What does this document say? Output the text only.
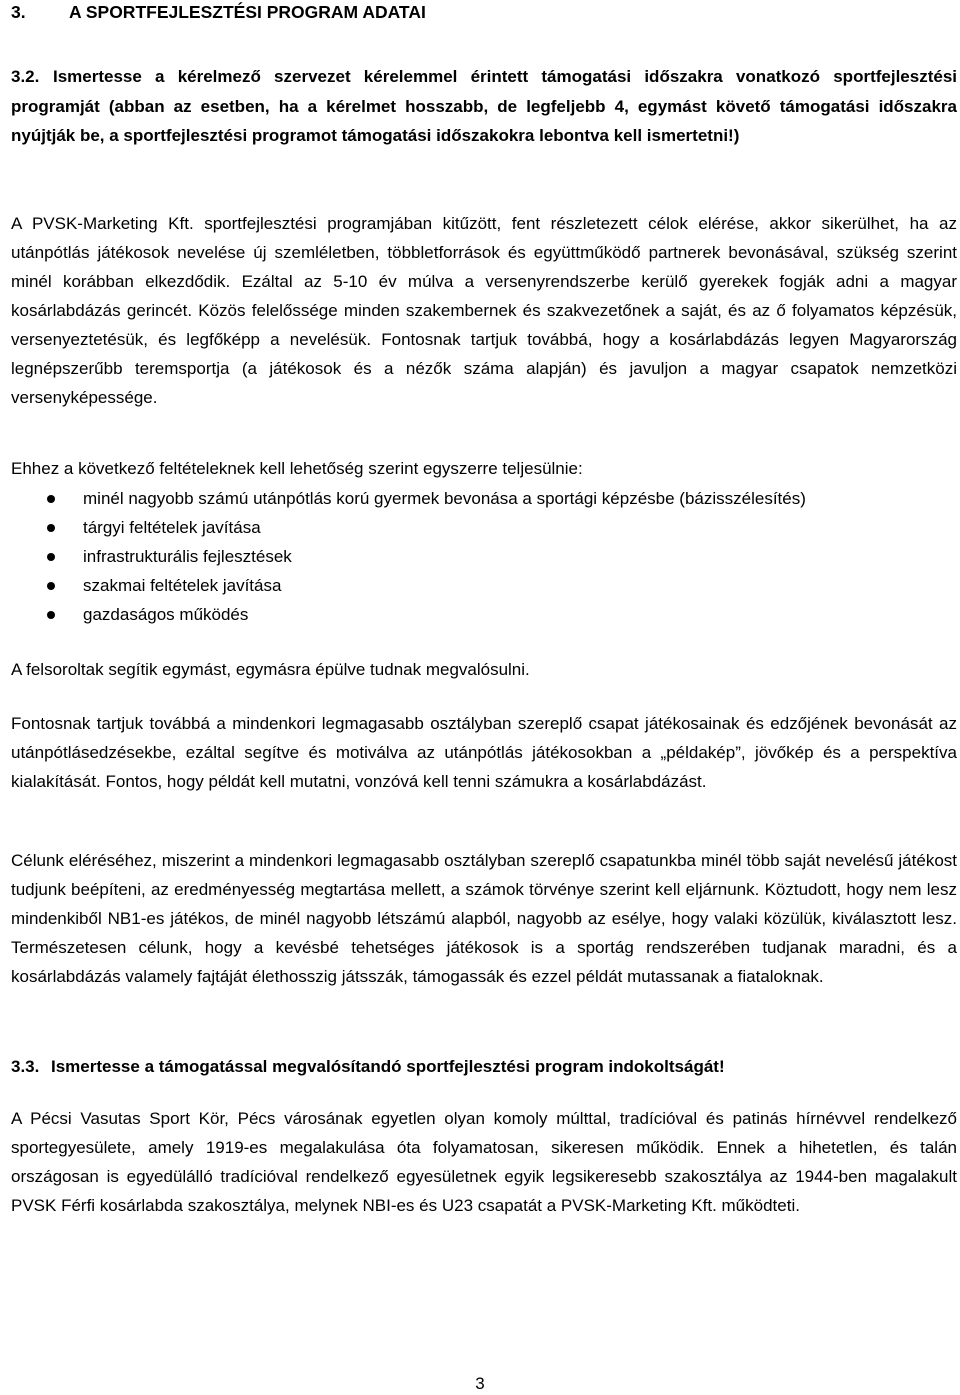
3. A SPORTFEJLESZTÉSI PROGRAM ADATAI
3.2. Ismertesse a kérelmező szervezet kérelemmel érintett támogatási időszakra vonatkozó sportfejlesztési programját (abban az esetben, ha a kérelmet hosszabb, de legfeljebb 4, egymást követő támogatási időszakra nyújtják be, a sportfejlesztési programot támogatási időszakokra lebontva kell ismertetni!)
A PVSK-Marketing Kft. sportfejlesztési programjában kitűzött, fent részletezett célok elérése, akkor sikerülhet, ha az utánpótlás játékosok nevelése új szemléletben, többletforrások és együttműködő partnerek bevonásával, szükség szerint minél korábban elkezdődik. Ezáltal az 5-10 év múlva a versenyrendszerbe kerülő gyerekek fogják adni a magyar kosárlabdázás gerincét. Közös felelőssége minden szakembernek és szakvezetőnek a saját, és az ő folyamatos képzésük, versenyeztetésük, és legfőképp a nevelésük. Fontosnak tartjuk továbbá, hogy a kosárlabdázás legyen Magyarország legnépszerűbb teremsportja (a játékosok és a nézők száma alapján) és javuljon a magyar csapatok nemzetközi versenyképessége.
Ehhez a következő feltételeknek kell lehetőség szerint egyszerre teljesülnie:
minél nagyobb számú utánpótlás korú gyermek bevonása a sportági képzésbe (bázisszélesítés)
tárgyi feltételek javítása
infrastrukturális fejlesztések
szakmai feltételek javítása
gazdaságos működés
A felsoroltak segítik egymást, egymásra épülve tudnak megvalósulni.
Fontosnak tartjuk továbbá a mindenkori legmagasabb osztályban szereplő csapat játékosainak és edzőjének bevonását az utánpótlásedzésekbe, ezáltal segítve és motiválva az utánpótlás játékosokban a „példakép”, jövőkép és a perspektíva kialakítását. Fontos, hogy példát kell mutatni, vonzóvá kell tenni számukra a kosárlabdázást.
Célunk eléréséhez, miszerint a mindenkori legmagasabb osztályban szereplő csapatunkba minél több saját nevelésű játékost tudjunk beépíteni, az eredményesség megtartása mellett, a számok törvénye szerint kell eljárnunk. Köztudott, hogy nem lesz mindenkiből NB1-es játékos, de minél nagyobb létszámú alapból, nagyobb az esélye, hogy valaki közülük, kiválasztott lesz. Természetesen célunk, hogy a kevésbé tehetséges játékosok is a sportág rendszerében tudjanak maradni, és a kosárlabdázás valamely fajtáját élethosszig játsszák, támogassák és ezzel példát mutassanak a fiataloknak.
3.3. Ismertesse a támogatással megvalósítandó sportfejlesztési program indokoltságát!
A Pécsi Vasutas Sport Kör, Pécs városának egyetlen olyan komoly múlttal, tradícióval és patinás hírnévvel rendelkező sportegyesülete, amely 1919-es megalakulása óta folyamatosan, sikeresen működik. Ennek a hihetetlen, és talán országosan is egyedülálló tradícióval rendelkező egyesületnek egyik legsikeresebb szakosztálya az 1944-ben magalakult PVSK Férfi kosárlabda szakosztálya, melynek NBI-es és U23 csapatát a PVSK-Marketing Kft. működteti.
3
